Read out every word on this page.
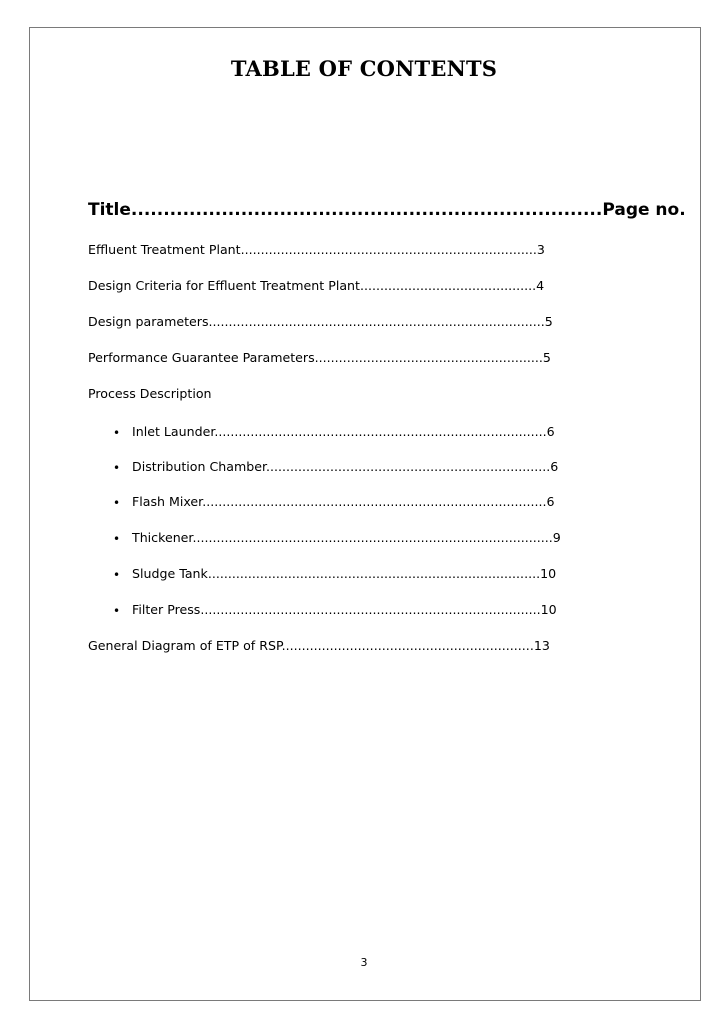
TABLE OF CONTENTS
Title.........................................................................Page no.
Effluent Treatment Plant..........................................................................3
Design Criteria for Effluent Treatment Plant............................................4
Design parameters....................................................................................5
Performance Guarantee Parameters.........................................................5
Process Description
• Inlet Launder...................................................................................6
• Distribution Chamber.......................................................................6
• Flash Mixer......................................................................................6
• Thickener..........................................................................................9
• Sludge Tank...................................................................................10
• Filter Press.....................................................................................10
General Diagram of ETP of RSP...............................................................13
3
